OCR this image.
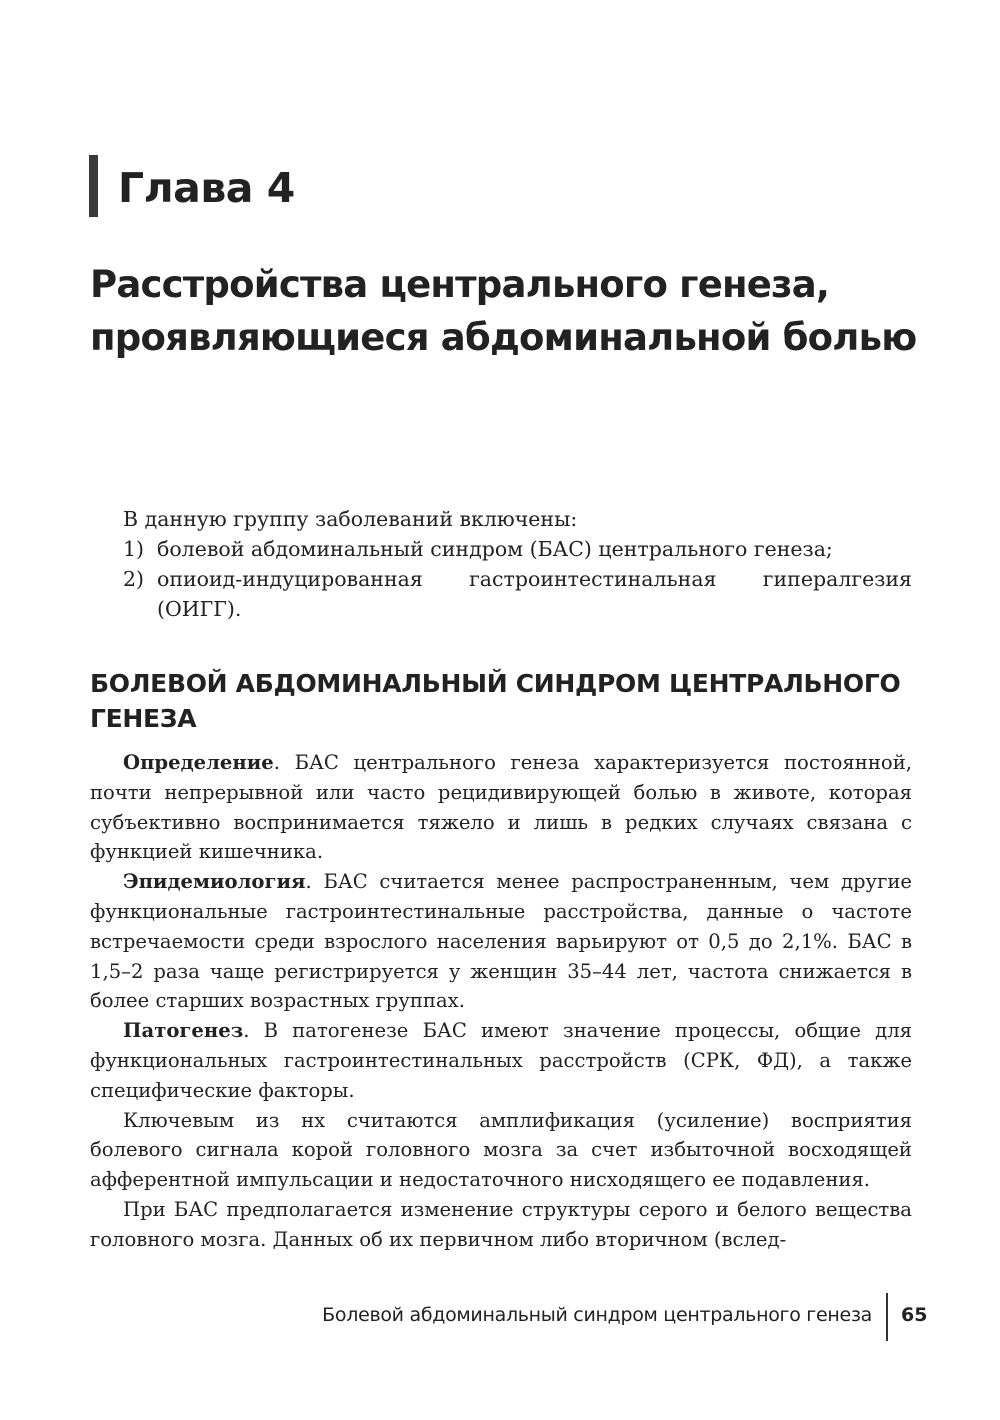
Глава 4
Расстройства центрального генеза, проявляющиеся абдоминальной болью

В данную группу заболеваний включены:

1) болевой абдоминальный синдром (БАС) центрального генеза;
2) опиоид-индуцированная гастроинтестинальная гипералгезия (ОИГГ).
БОЛЕВОЙ АБДОМИНАЛЬНЫЙ СИНДРОМ ЦЕНТРАЛЬНОГО ГЕНЕЗА

Определение. БАС центрального генеза характеризуется постоянной, почти непрерывной или часто рецидивирующей болью в животе, которая субъективно воспринимается тяжело и лишь в редких случаях связана с функцией кишечника.

Эпидемиология. БАС считается менее распространенным, чем другие функциональные гастроинтестинальные расстройства, данные о частоте встречаемости среди взрослого населения варьируют от 0,5 до 2,1%. БАС в 1,5–2 раза чаще регистрируется у женщин 35–44 лет, частота снижается в более старших возрастных группах.

Патогенез. В патогенезе БАС имеют значение процессы, общие для функциональных гастроинтестинальных расстройств (СРК, ФД), а также специфические факторы.

Ключевым из нх считаются амплификация (усиление) восприятия болевого сигнала корой головного мозга за счет избыточной восходящей афферентной импульсации и недостаточного нисходящего ее подавления.

При БАС предполагается изменение структуры серого и белого вещества головного мозга. Данных об их первичном либо вторичном (вслед-

Болевой абдоминальный синдром центрального генеза 65
